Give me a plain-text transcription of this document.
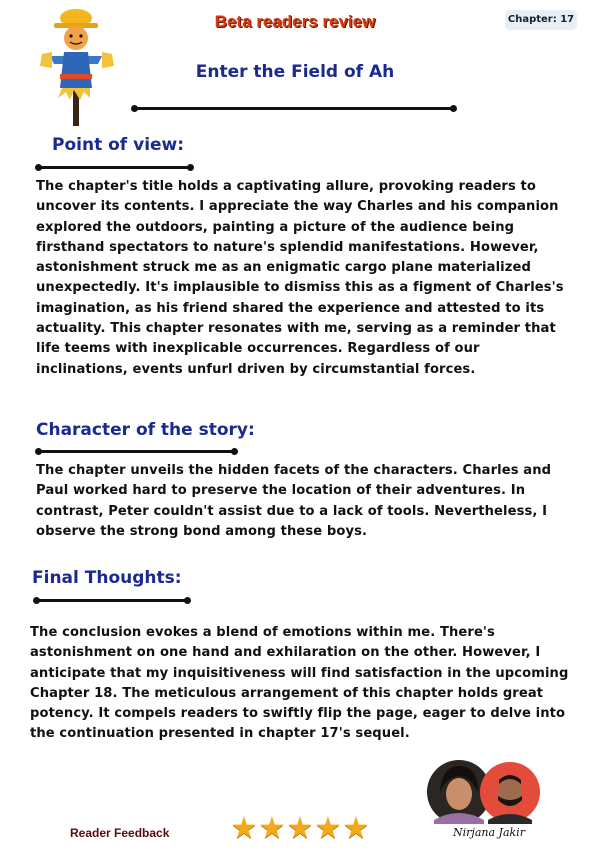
Beta readers review	Chapter: 17
Enter the Field of Ah
Point of view:
The chapter's title holds a captivating allure, provoking readers to uncover its contents. I appreciate the way Charles and his companion explored the outdoors, painting a picture of the audience being firsthand spectators to nature's splendid manifestations. However, astonishment struck me as an enigmatic cargo plane materialized unexpectedly. It's implausible to dismiss this as a figment of Charles's imagination, as his friend shared the experience and attested to its actuality. This chapter resonates with me, serving as a reminder that life teems with inexplicable occurrences. Regardless of our inclinations, events unfurl driven by circumstantial forces.
Character of the story:
The chapter unveils the hidden facets of the characters. Charles and Paul worked hard to preserve the location of their adventures. In contrast, Peter couldn't assist due to a lack of tools. Nevertheless, I observe the strong bond among these boys.
Final Thoughts:
The conclusion evokes a blend of emotions within me. There's astonishment on one hand and exhilaration on the other. However, I anticipate that my inquisitiveness will find satisfaction in the upcoming Chapter 18. The meticulous arrangement of this chapter holds great potency. It compels readers to swiftly flip the page, eager to delve into the continuation presented in chapter 17's sequel.
Reader Feedback ★★★★★	Nirjana Jakir
